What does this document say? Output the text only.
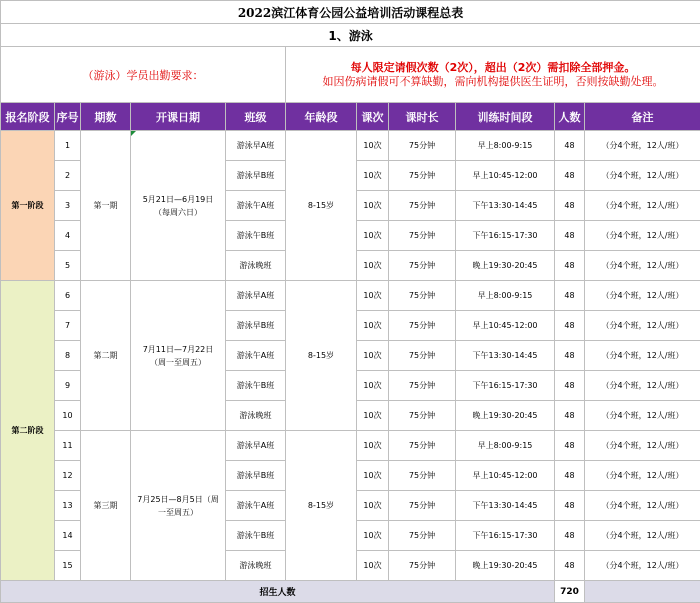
2022滨江体育公园公益培训活动课程总表										
1、游泳										
（游泳）学员出勤要求：					每人限定请假次数（2次），超出（2次）需扣除全部押金。
如因伤病请假可不算缺勤，需向机构提供医生证明，否则按缺勤处理。					

报名阶段	序号	期数	开课日期	班级	年龄段	课次	课时长	训练时间段	人数	备注
第一阶段	1	第一期	5月21日—6月19日
（每周六日）	游泳早A班	8-15岁	10次	75分钟	早上8:00-9:15	48	（分4个班，12人/班）
	2			游泳早B班		10次	75分钟	早上10:45-12:00	48	（分4个班，12人/班）
	3			游泳午A班		10次	75分钟	下午13:30-14:45	48	（分4个班，12人/班）
	4			游泳午B班		10次	75分钟	下午16:15-17:30	48	（分4个班，12人/班）
	5			游泳晚班		10次	75分钟	晚上19:30-20:45	48	（分4个班，12人/班）
第二阶段	6	第二期	7月11日—7月22日
（周一至周五）	游泳早A班	8-15岁	10次	75分钟	早上8:00-9:15	48	（分4个班，12人/班）
	7			游泳早B班		10次	75分钟	早上10:45-12:00	48	（分4个班，12人/班）
	8			游泳午A班		10次	75分钟	下午13:30-14:45	48	（分4个班，12人/班）
	9			游泳午B班		10次	75分钟	下午16:15-17:30	48	（分4个班，12人/班）
	10			游泳晚班		10次	75分钟	晚上19:30-20:45	48	（分4个班，12人/班）
	11	第三期	7月25日—8月5日（周
一至周五）	游泳早A班	8-15岁	10次	75分钟	早上8:00-9:15	48	（分4个班，12人/班）
	12			游泳早B班		10次	75分钟	早上10:45-12:00	48	（分4个班，12人/班）
	13			游泳午A班		10次	75分钟	下午13:30-14:45	48	（分4个班，12人/班）
	14			游泳午B班		10次	75分钟	下午16:15-17:30	48	（分4个班，12人/班）
	15			游泳晚班		10次	75分钟	晚上19:30-20:45	48	（分4个班，12人/班）
招生人数									720	
